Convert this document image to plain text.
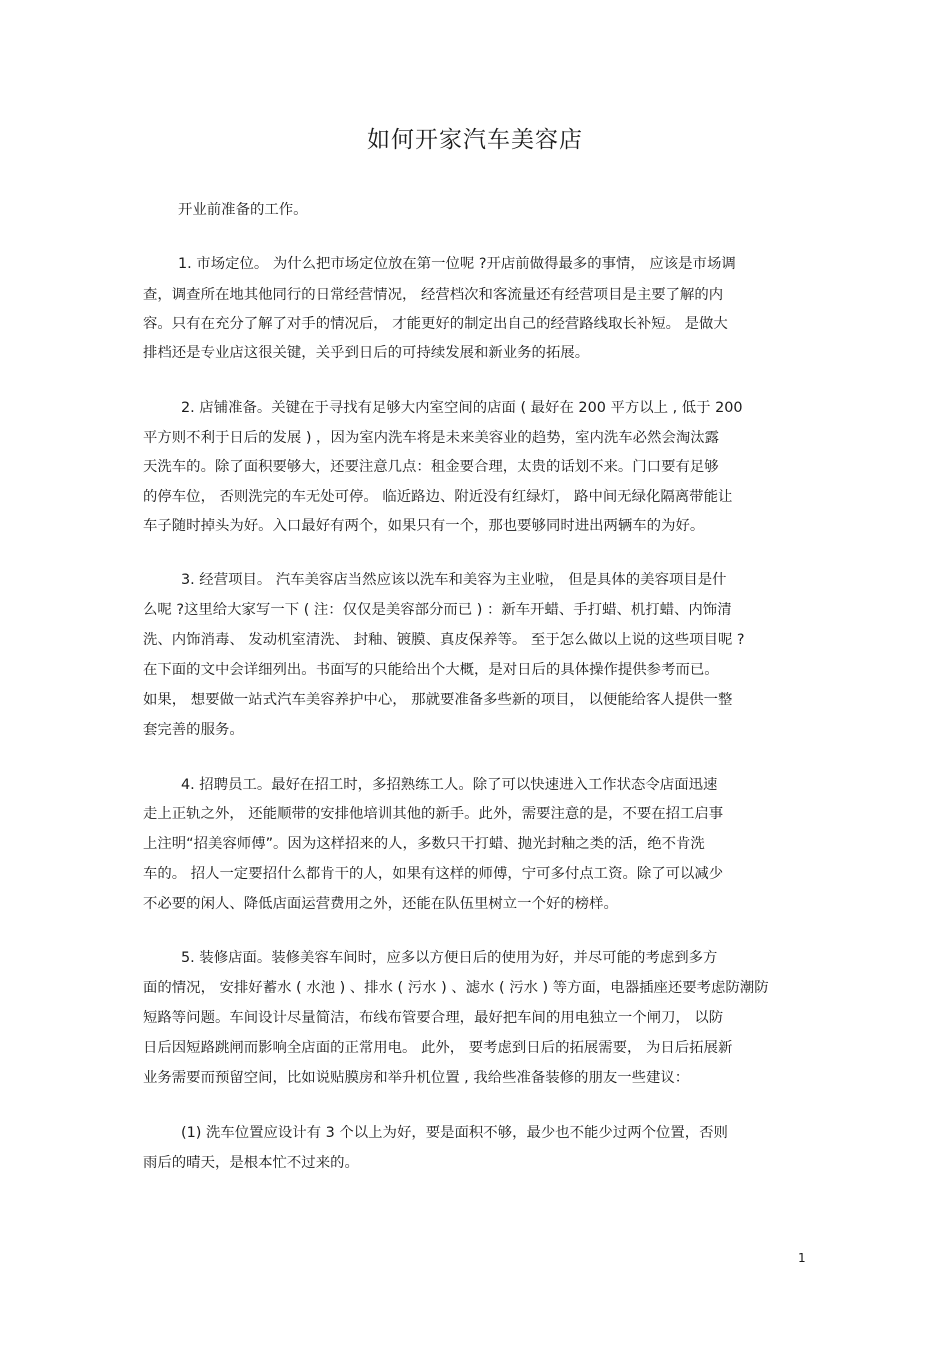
如何开家汽车美容店

开业前准备的工作。

1. 市场定位。 为什么把市场定位放在第一位呢 ?开店前做得最多的事情， 应该是市场调

查，调查所在地其他同行的日常经营情况， 经营档次和客流量还有经营项目是主要了解的内

容。只有在充分了解了对手的情况后， 才能更好的制定出自己的经营路线取长补短。 是做大

排档还是专业店这很关键，关乎到日后的可持续发展和新业务的拓展。

2. 店铺准备。关键在于寻找有足够大内室空间的店面 ( 最好在 200 平方以上 , 低于 200

平方则不利于日后的发展 ) ，因为室内洗车将是未来美容业的趋势，室内洗车必然会淘汰露

天洗车的。除了面积要够大，还要注意几点：租金要合理，太贵的话划不来。门口要有足够

的停车位， 否则洗完的车无处可停。 临近路边、附近没有红绿灯， 路中间无绿化隔离带能让

车子随时掉头为好。入口最好有两个，如果只有一个，那也要够同时进出两辆车的为好。

3. 经营项目。 汽车美容店当然应该以洗车和美容为主业啦， 但是具体的美容项目是什

么呢 ?这里给大家写一下 ( 注：仅仅是美容部分而已 ) ：新车开蜡、手打蜡、机打蜡、内饰清

洗、内饰消毒、 发动机室清洗、 封釉、镀膜、真皮保养等。 至于怎么做以上说的这些项目呢 ?

在下面的文中会详细列出。书面写的只能给出个大概，是对日后的具体操作提供参考而已。

如果， 想要做一站式汽车美容养护中心， 那就要准备多些新的项目， 以便能给客人提供一整

套完善的服务。

4. 招聘员工。最好在招工时，多招熟练工人。除了可以快速进入工作状态令店面迅速

走上正轨之外， 还能顺带的安排他培训其他的新手。此外，需要注意的是，不要在招工启事

上注明“招美容师傅”。因为这样招来的人，多数只干打蜡、抛光封釉之类的活，绝不肯洗

车的。 招人一定要招什么都肯干的人，如果有这样的师傅，宁可多付点工资。除了可以减少

不必要的闲人、降低店面运营费用之外，还能在队伍里树立一个好的榜样。

5. 装修店面。装修美容车间时，应多以方便日后的使用为好，并尽可能的考虑到多方

面的情况， 安排好蓄水 ( 水池 ) 、排水 ( 污水 ) 、滤水 ( 污水 ) 等方面，电器插座还要考虑防潮防

短路等问题。车间设计尽量简洁，布线布管要合理，最好把车间的用电独立一个闸刀， 以防

日后因短路跳闸而影响全店面的正常用电。 此外， 要考虑到日后的拓展需要， 为日后拓展新

业务需要而预留空间，比如说贴膜房和举升机位置 , 我给些准备装修的朋友一些建议：

(1) 洗车位置应设计有 3 个以上为好，要是面积不够，最少也不能少过两个位置，否则

雨后的晴天，是根本忙不过来的。

1
